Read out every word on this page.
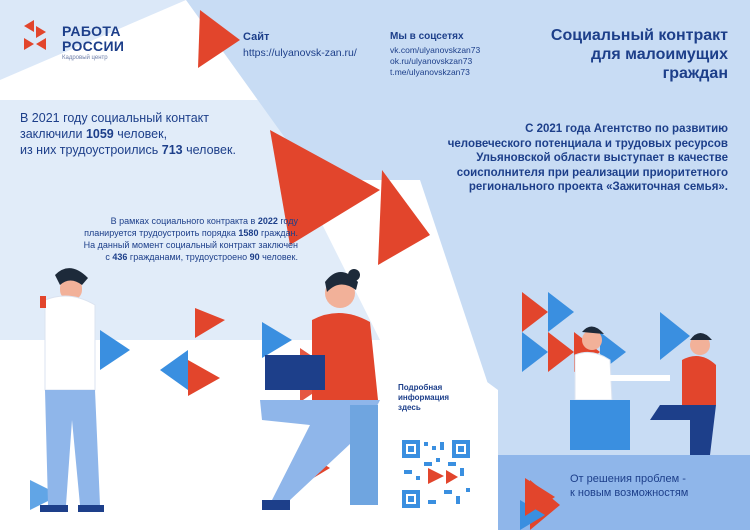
РАБОТА
РОССИИ
Кадровый центр
Сайт
https://ulyanovsk-zan.ru/
Мы в соцсетях
vk.com/ulyanovskzan73
ok.ru/ulyanovskzan73
t.me/ulyanovskzan73
Социальный контракт
для малоимущих
граждан
В 2021 году социальный контакт
заключили 1059 человек,
из них трудоустроились 713 человек.
С 2021 года Агентство по развитию
человеческого потенциала и трудовых ресурсов
Ульяновской области выступает в качестве
соисполнителя при реализации приоритетного
регионального проекта «Зажиточная семья».
В рамках социального контракта в 2022 году
планируется трудоустроить порядка 1580 граждан.
На данный момент социальный контракт заключен
с 436 гражданами, трудоустроено 90 человек.
Подробная
информация
здесь
От решения проблем -
к новым возможностям
